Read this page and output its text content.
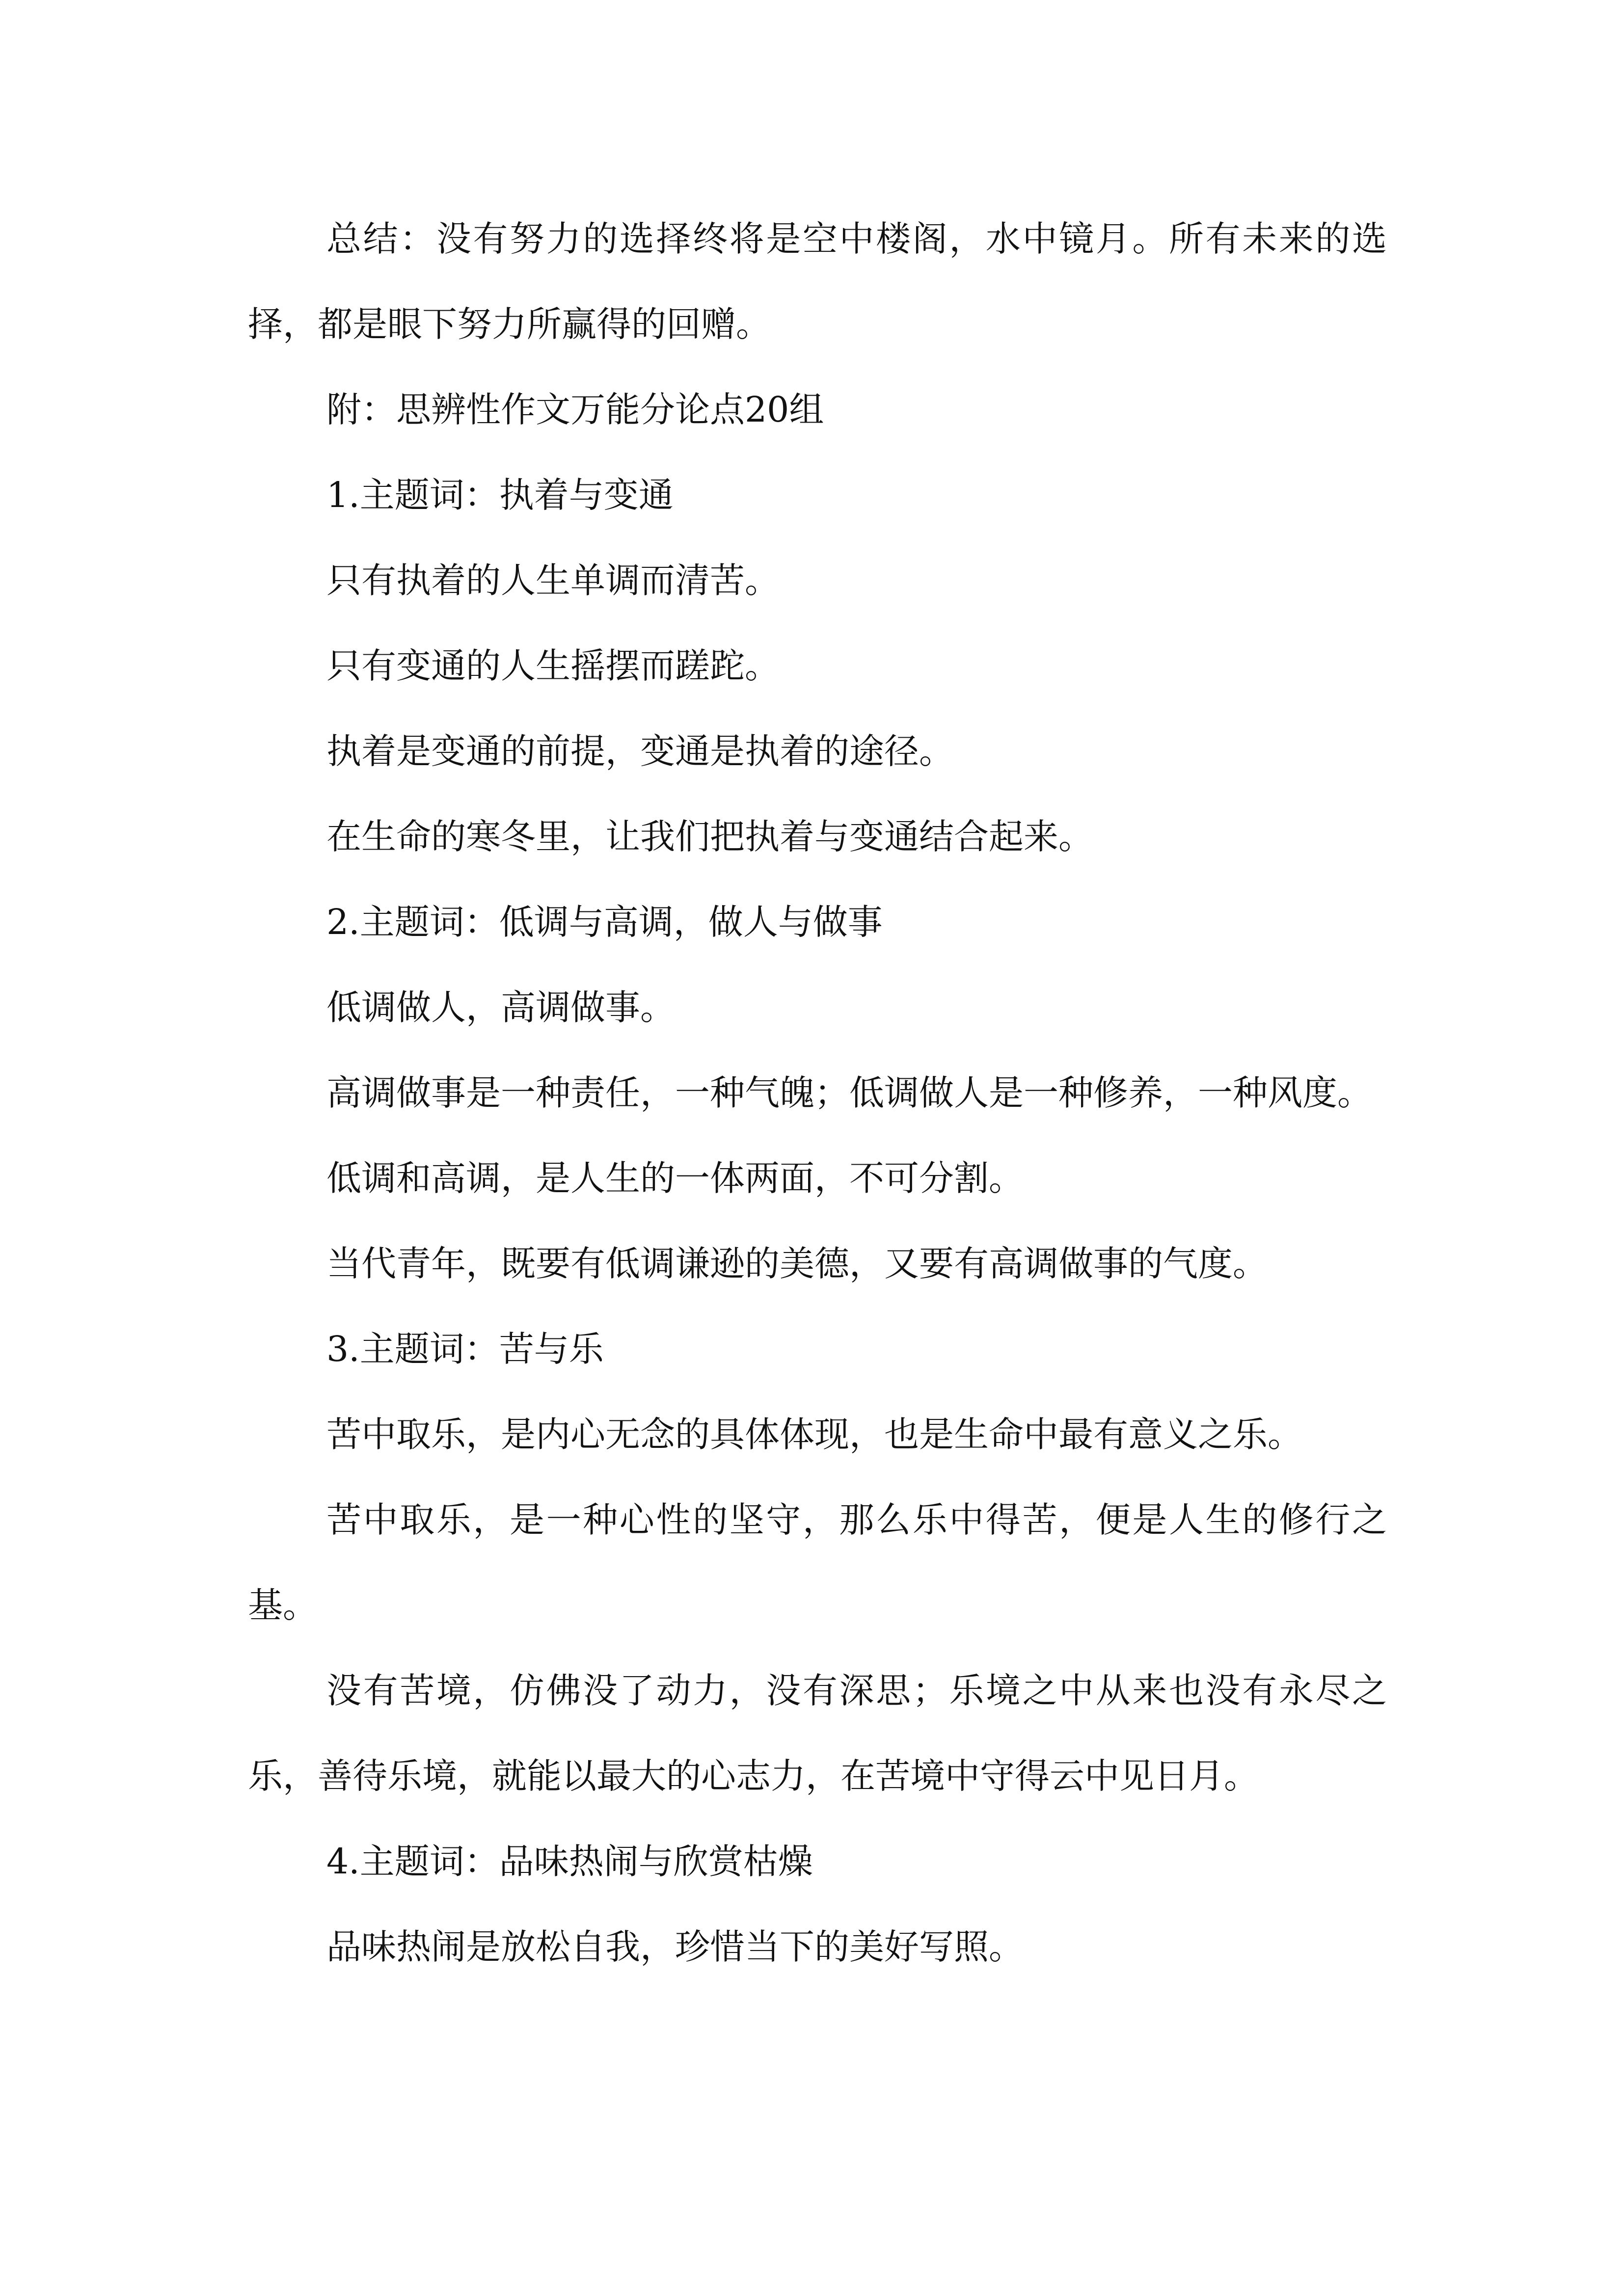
总结：没有努力的选择终将是空中楼阁，水中镜月。所有未来的选择，都是眼下努力所赢得的回赠。

附：思辨性作文万能分论点20组

1.主题词：执着与变通

只有执着的人生单调而清苦。

只有变通的人生摇摆而蹉跎。

执着是变通的前提，变通是执着的途径。

在生命的寒冬里，让我们把执着与变通结合起来。

2.主题词：低调与高调，做人与做事

低调做人，高调做事。

高调做事是一种责任，一种气魄；低调做人是一种修养，一种风度。

低调和高调，是人生的一体两面，不可分割。

当代青年，既要有低调谦逊的美德，又要有高调做事的气度。

3.主题词：苦与乐

苦中取乐，是内心无念的具体体现，也是生命中最有意义之乐。

苦中取乐，是一种心性的坚守，那么乐中得苦，便是人生的修行之基。

没有苦境，仿佛没了动力，没有深思；乐境之中从来也没有永尽之乐，善待乐境，就能以最大的心志力，在苦境中守得云中见日月。

4.主题词：品味热闹与欣赏枯燥

品味热闹是放松自我，珍惜当下的美好写照。
